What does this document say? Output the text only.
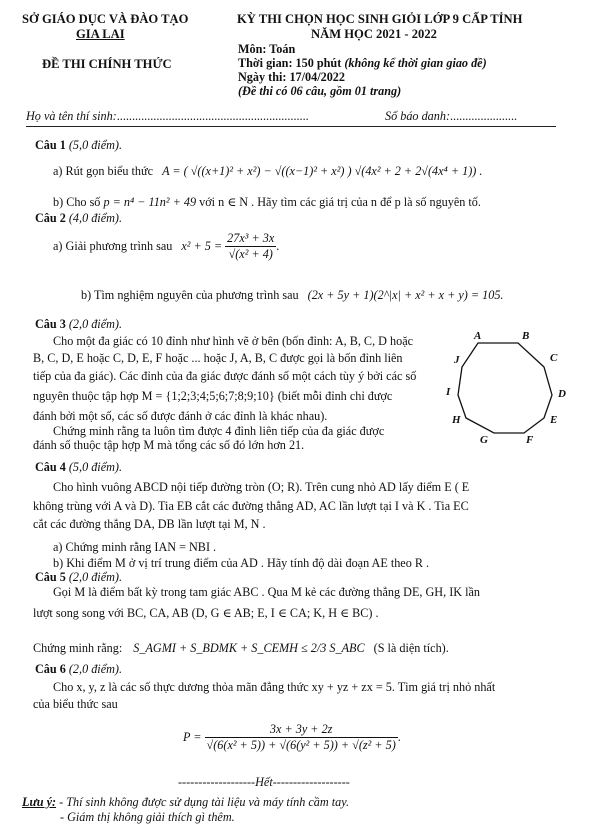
SỞ GIÁO DỤC VÀ ĐÀO TẠO
GIA LAI
KỲ THI CHỌN HỌC SINH GIỎI LỚP 9 CẤP TỈNH
NĂM HỌC 2021 - 2022
ĐỀ THI CHÍNH THỨC
Môn: Toán
Thời gian: 150 phút (không kể thời gian giao đề)
Ngày thi: 17/04/2022
(Đề thi có 06 câu, gồm 01 trang)
Họ và tên thí sinh:...............................................................	Số báo danh:......................
Câu 1 (5,0 điểm).
a) Rút gọn biểu thức A = ( √((x+1)² + x²) − √((x−1)² + x²) ) √(4x² + 2 + 2√(4x⁴ + 1)) .
b) Cho số p = n⁴ − 11n² + 49 với n ∈ N . Hãy tìm các giá trị của n để p là số nguyên tố.
Câu 2 (4,0 điểm).
a) Giải phương trình sau $x^2 + 5 = \frac{\text{27x³ + 3x}}{\text{√(x² + 4)}}$ .
b) Tìm nghiệm nguyên của phương trình sau (2x + 5y + 1)(2^|x| + x² + x + y) = 105.
Câu 3 (2,0 điểm).
Cho một đa giác có 10 đỉnh như hình vẽ ở bên (bốn đỉnh: A, B, C, D hoặc
B, C, D, E hoặc C, D, E, F hoặc ... hoặc J, A, B, C được gọi là bốn đỉnh liên
tiếp của đa giác). Các đỉnh của đa giác được đánh số một cách tùy ý bởi các số
nguyên thuộc tập hợp M = {1;2;3;4;5;6;7;8;9;10} (biết mỗi đỉnh chỉ được
đánh bởi một số, các số được đánh ở các đỉnh là khác nhau).
Chứng minh rằng ta luôn tìm được 4 đỉnh liên tiếp của đa giác được
đánh số thuộc tập hợp M mà tổng các số đó lớn hơn 21.
A	B
C
D
E
F
G
H
I
J
Câu 4 (5,0 điểm).
Cho hình vuông ABCD nội tiếp đường tròn (O; R). Trên cung nhỏ AD lấy điểm E ( E
không trùng với A và D). Tia EB cắt các đường thẳng AD, AC lần lượt tại I và K . Tia EC
cắt các đường thẳng DA, DB lần lượt tại M, N .
a) Chứng minh rằng IAN = NBI .
b) Khi điểm M ở vị trí trung điểm của AD . Hãy tính độ dài đoạn AE theo R .
Câu 5 (2,0 điểm).
Gọi M là điểm bất kỳ trong tam giác ABC . Qua M kẻ các đường thẳng DE, GH, IK lần
lượt song song với BC, CA, AB (D, G ∈ AB; E, I ∈ CA; K, H ∈ BC) .
Chứng minh rằng: S_AGMI + S_BDMK + S_CEMH ≤ 2/3 S_ABC (S là diện tích).
Câu 6 (2,0 điểm).
Cho x, y, z là các số thực dương thỏa mãn đẳng thức xy + yz + zx = 5. Tìm giá trị nhỏ nhất
của biểu thức sau
$P = \frac{3x + 3y + 2z}{\text{√(6(x² + 5)) + √(6(y² + 5)) + √(z² + 5)}}$ .
-------------------Hết-------------------
Lưu ý: - Thí sinh không được sử dụng tài liệu và máy tính cầm tay.
- Giám thị không giải thích gì thêm.
